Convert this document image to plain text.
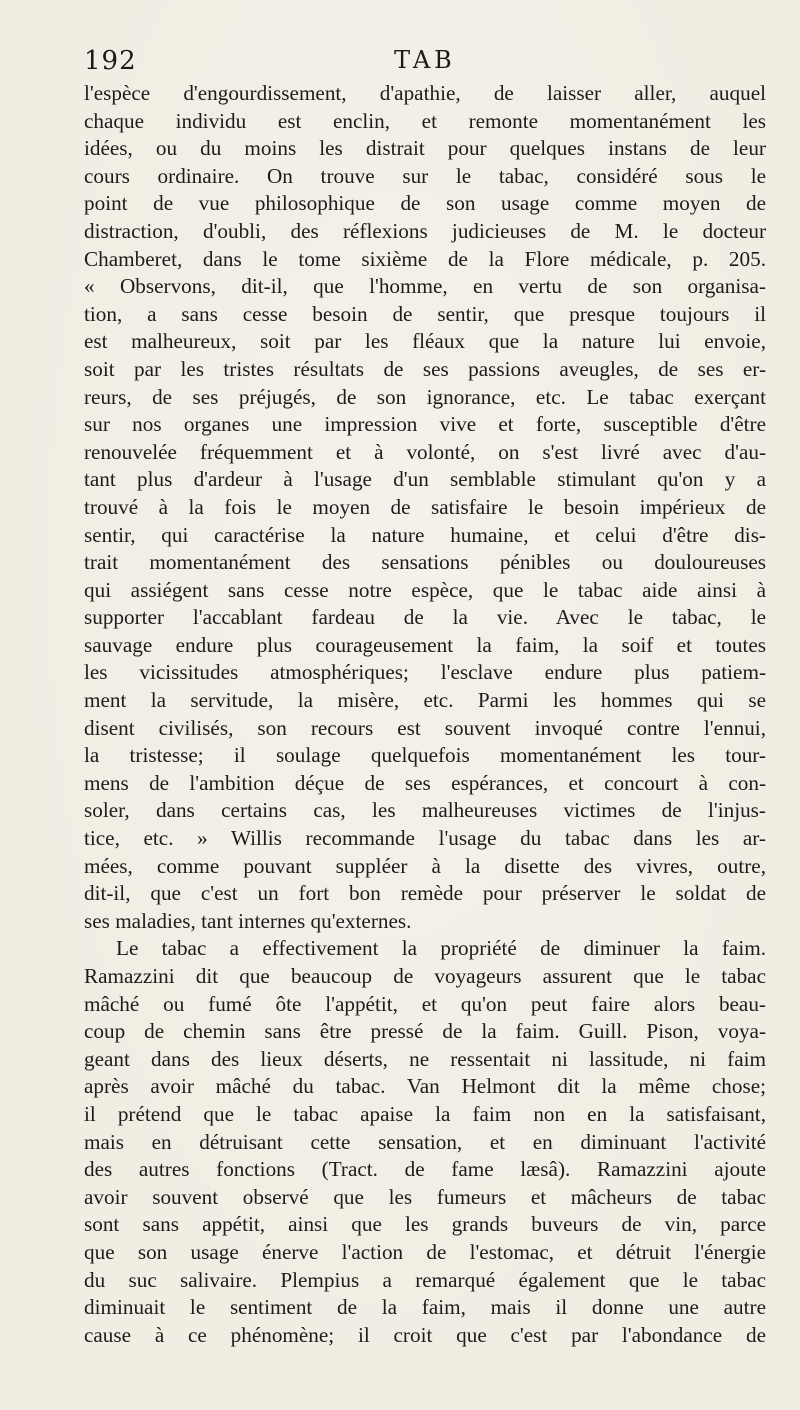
192	TAB
l'espèce d'engourdissement, d'apathie, de laisser aller, auquel
chaque individu est enclin, et remonte momentanément les
idées, ou du moins les distrait pour quelques instans de leur
cours ordinaire. On trouve sur le tabac, considéré sous le
point de vue philosophique de son usage comme moyen de
distraction, d'oubli, des réflexions judicieuses de M. le docteur
Chamberet, dans le tome sixième de la Flore médicale, p. 205.
« Observons, dit-il, que l'homme, en vertu de son organisa-
tion, a sans cesse besoin de sentir, que presque toujours il
est malheureux, soit par les fléaux que la nature lui envoie,
soit par les tristes résultats de ses passions aveugles, de ses er-
reurs, de ses préjugés, de son ignorance, etc. Le tabac exerçant
sur nos organes une impression vive et forte, susceptible d'être
renouvelée fréquemment et à volonté, on s'est livré avec d'au-
tant plus d'ardeur à l'usage d'un semblable stimulant qu'on y a
trouvé à la fois le moyen de satisfaire le besoin impérieux de
sentir, qui caractérise la nature humaine, et celui d'être dis-
trait momentanément des sensations pénibles ou douloureuses
qui assiégent sans cesse notre espèce, que le tabac aide ainsi à
supporter l'accablant fardeau de la vie. Avec le tabac, le
sauvage endure plus courageusement la faim, la soif et toutes
les vicissitudes atmosphériques; l'esclave endure plus patiem-
ment la servitude, la misère, etc. Parmi les hommes qui se
disent civilisés, son recours est souvent invoqué contre l'ennui,
la tristesse; il soulage quelquefois momentanément les tour-
mens de l'ambition déçue de ses espérances, et concourt à con-
soler, dans certains cas, les malheureuses victimes de l'injus-
tice, etc. » Willis recommande l'usage du tabac dans les ar-
mées, comme pouvant suppléer à la disette des vivres, outre,
dit-il, que c'est un fort bon remède pour préserver le soldat de
ses maladies, tant internes qu'externes.
Le tabac a effectivement la propriété de diminuer la faim.
Ramazzini dit que beaucoup de voyageurs assurent que le tabac
mâché ou fumé ôte l'appétit, et qu'on peut faire alors beau-
coup de chemin sans être pressé de la faim. Guill. Pison, voya-
geant dans des lieux déserts, ne ressentait ni lassitude, ni faim
après avoir mâché du tabac. Van Helmont dit la même chose;
il prétend que le tabac apaise la faim non en la satisfaisant,
mais en détruisant cette sensation, et en diminuant l'activité
des autres fonctions (Tract. de fame læsâ). Ramazzini ajoute
avoir souvent observé que les fumeurs et mâcheurs de tabac
sont sans appétit, ainsi que les grands buveurs de vin, parce
que son usage énerve l'action de l'estomac, et détruit l'énergie
du suc salivaire. Plempius a remarqué également que le tabac
diminuait le sentiment de la faim, mais il donne une autre
cause à ce phénomène; il croit que c'est par l'abondance de
